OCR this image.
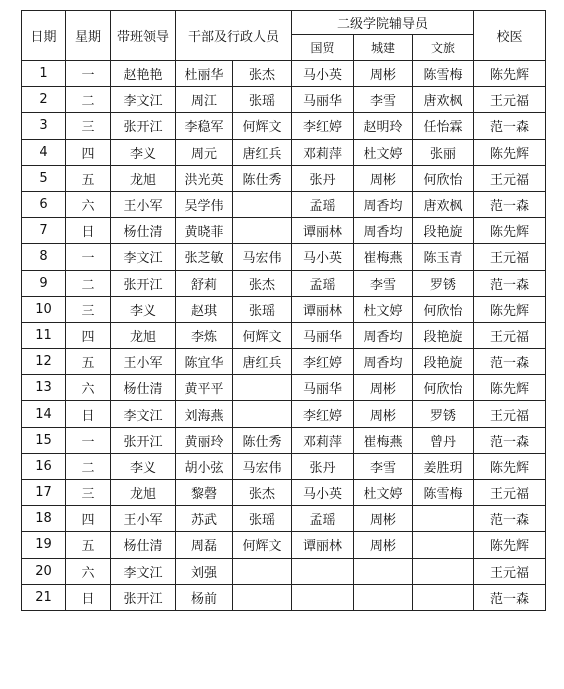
日期	星期	带班领导	干部及行政人员		二级学院辅导员			校医
					国贸	城建	文旅	
1	一	赵艳艳	杜丽华	张杰	马小英	周彬	陈雪梅	陈先辉
2	二	李文江	周江	张瑶	马丽华	李雪	唐欢枫	王元福
3	三	张开江	李稳军	何辉文	李红婷	赵明玲	任怡霖	范一森
4	四	李义	周元	唐红兵	邓莉萍	杜文婷	张丽	陈先辉
5	五	龙旭	洪光英	陈仕秀	张丹	周彬	何欣怡	王元福
6	六	王小军	吴学伟		孟瑶	周香均	唐欢枫	范一森
7	日	杨仕清	黄晓菲		谭丽林	周香均	段艳旋	陈先辉
8	一	李文江	张芝敏	马宏伟	马小英	崔梅燕	陈玉青	王元福
9	二	张开江	舒莉	张杰	孟瑶	李雪	罗锈	范一森
10	三	李义	赵琪	张瑶	谭丽林	杜文婷	何欣怡	陈先辉
11	四	龙旭	李炼	何辉文	马丽华	周香均	段艳旋	王元福
12	五	王小军	陈宜华	唐红兵	李红婷	周香均	段艳旋	范一森
13	六	杨仕清	黄平平		马丽华	周彬	何欣怡	陈先辉
14	日	李文江	刘海燕		李红婷	周彬	罗锈	王元福
15	一	张开江	黄丽玲	陈仕秀	邓莉萍	崔梅燕	曾丹	范一森
16	二	李义	胡小弦	马宏伟	张丹	李雪	姜胜玥	陈先辉
17	三	龙旭	黎磬	张杰	马小英	杜文婷	陈雪梅	王元福
18	四	王小军	苏武	张瑶	孟瑶	周彬		范一森
19	五	杨仕清	周磊	何辉文	谭丽林	周彬		陈先辉
20	六	李文江	刘强					王元福
21	日	张开江	杨前					范一森
